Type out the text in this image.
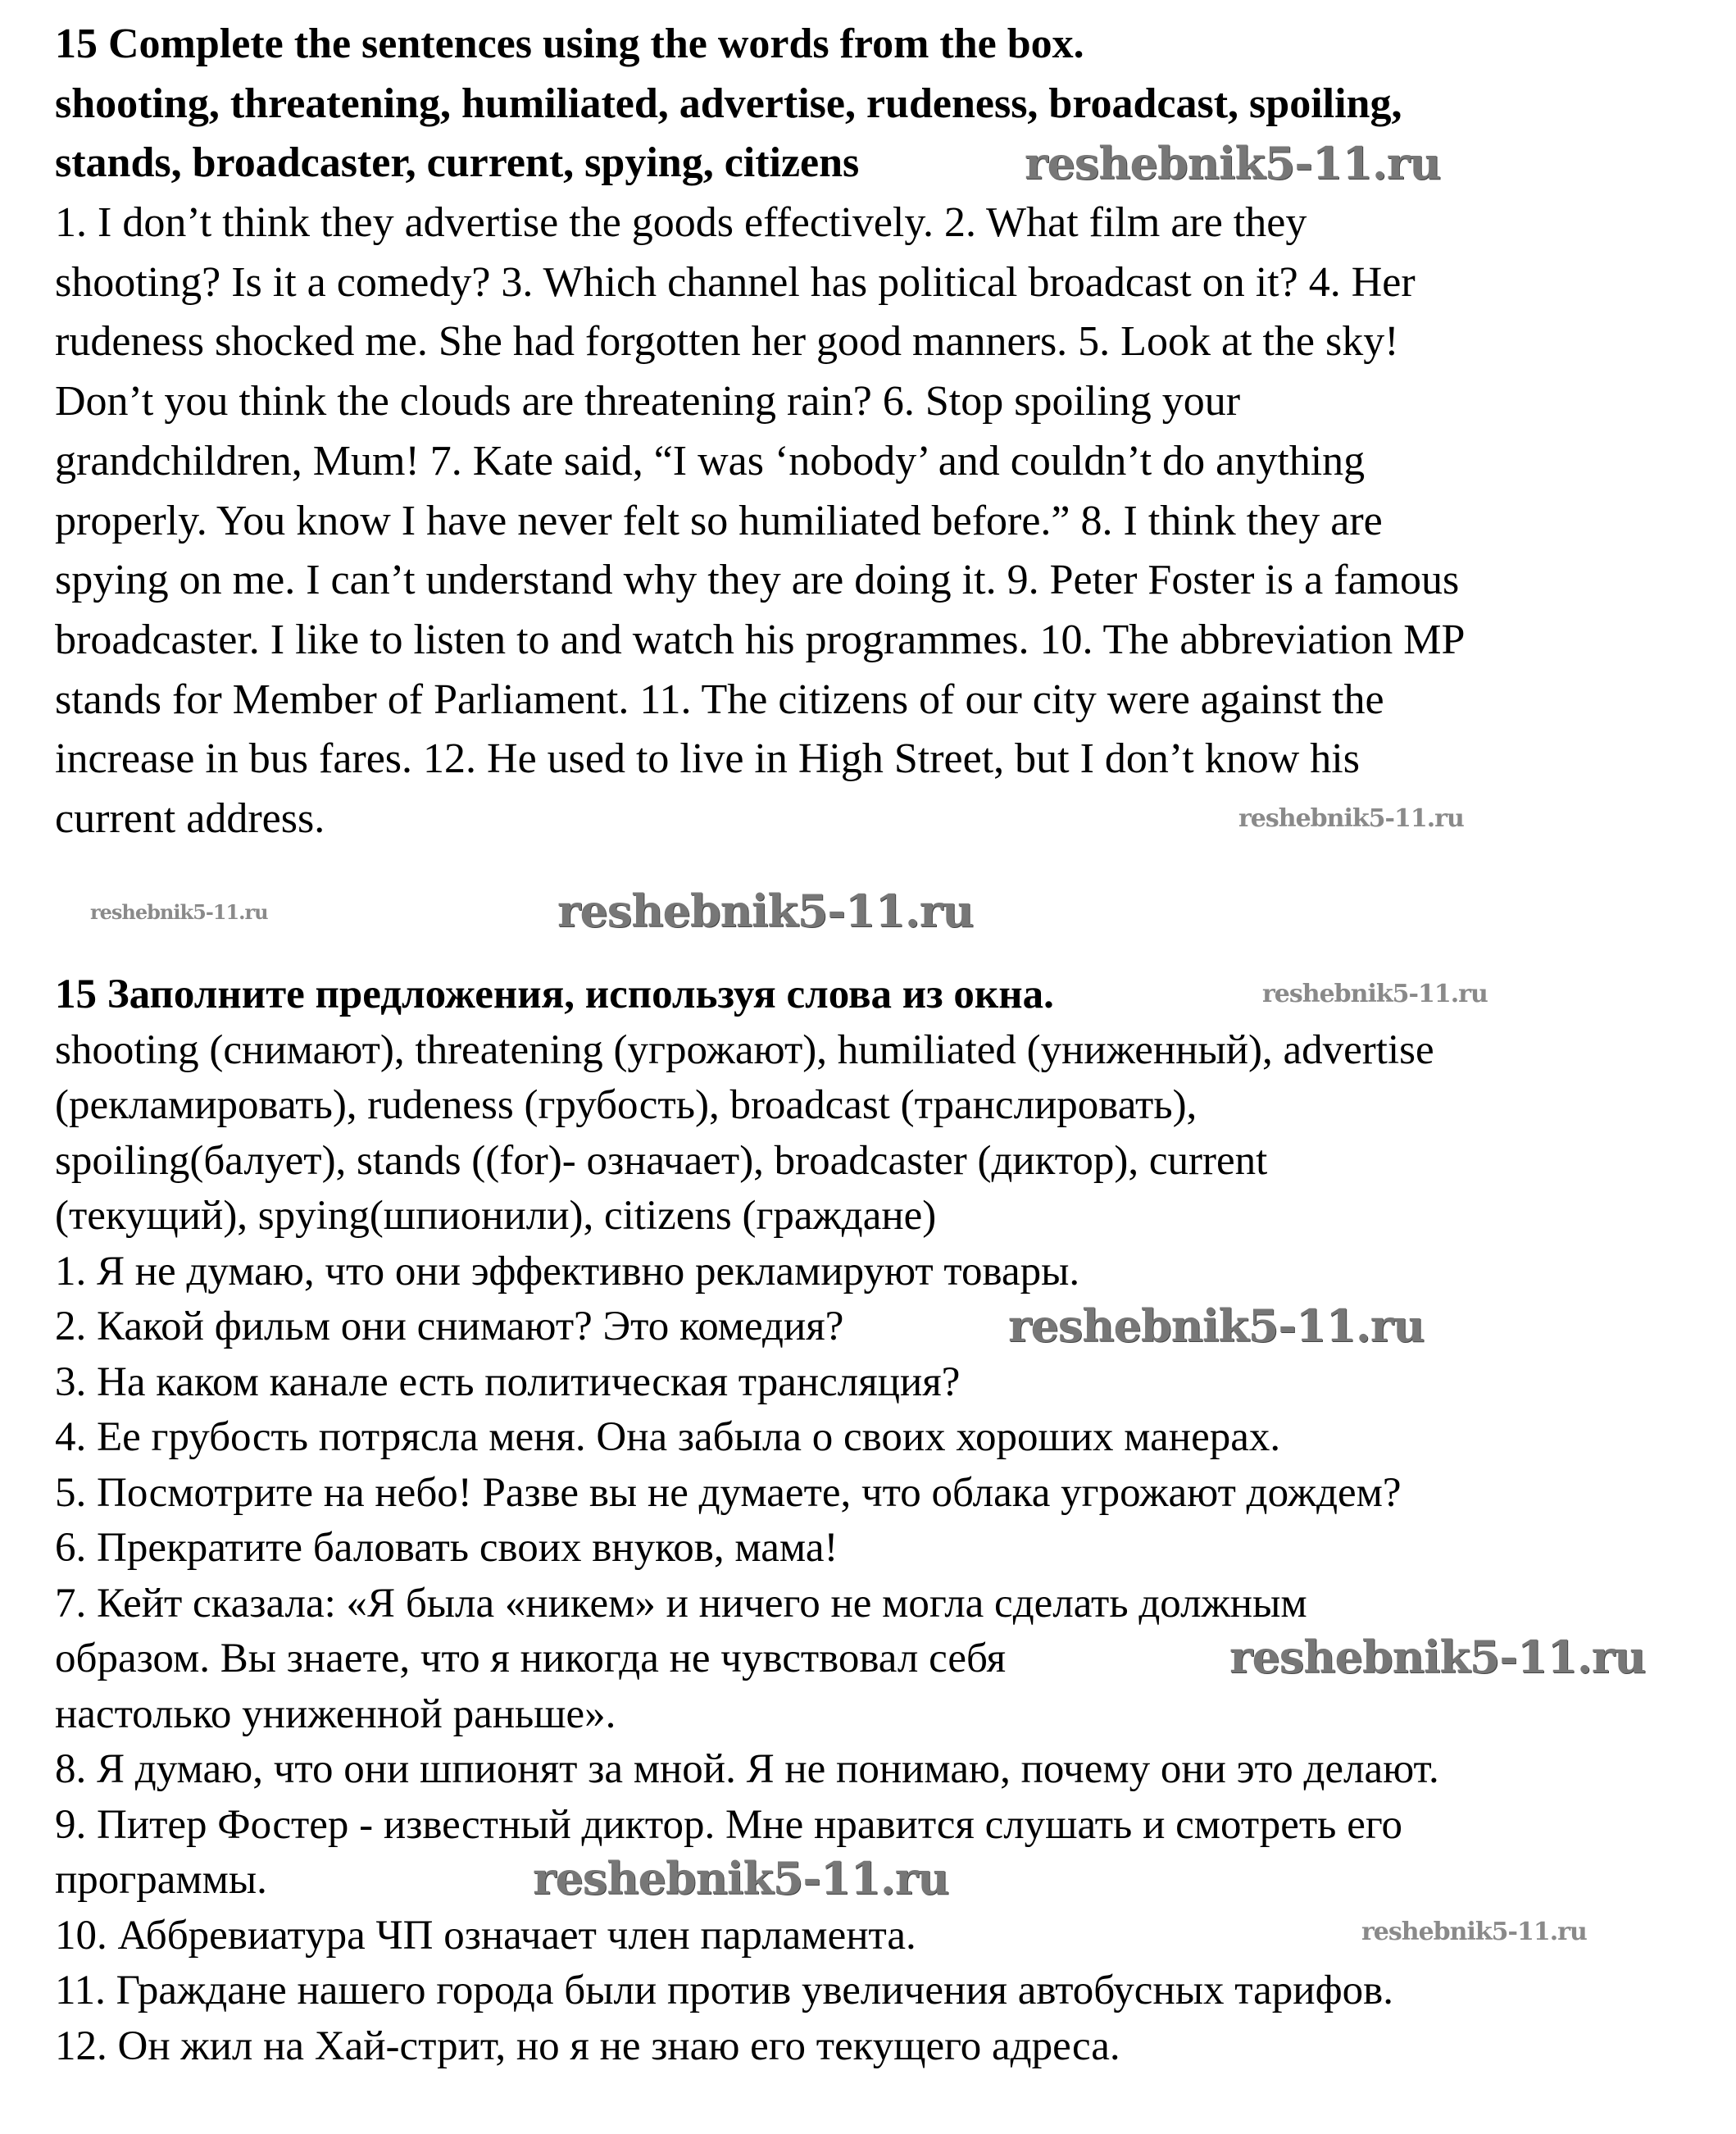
15 Complete the sentences using the words from the box.
shooting, threatening, humiliated, advertise, rudeness, broadcast, spoiling,
stands, broadcaster, current, spying, citizens
1. I don’t think they advertise the goods effectively. 2. What film are they
shooting? Is it a comedy? 3. Which channel has political broadcast on it? 4. Her
rudeness shocked me. She had forgotten her good manners. 5. Look at the sky!
Don’t you think the clouds are threatening rain? 6. Stop spoiling your
grandchildren, Mum! 7. Kate said, “I was ‘nobody’ and couldn’t do anything
properly. You know I have never felt so humiliated before.” 8. I think they are
spying on me. I can’t understand why they are doing it. 9. Peter Foster is a famous
broadcaster. I like to listen to and watch his programmes. 10. The abbreviation MP
stands for Member of Parliament. 11. The citizens of our city were against the
increase in bus fares. 12. He used to live in High Street, but I don’t know his
current address.
15 Заполните предложения, используя слова из окна.
shooting (снимают), threatening (угрожают), humiliated (униженный), advertise
(рекламировать), rudeness (грубость), broadcast (транслировать),
spoiling(балует), stands ((for)- означает), broadcaster (диктор), current
(текущий), spying(шпионили), citizens (граждане)
1. Я не думаю, что они эффективно рекламируют товары.
2. Какой фильм они снимают? Это комедия?
3. На каком канале есть политическая трансляция?
4. Ее грубость потрясла меня. Она забыла о своих хороших манерах.
5. Посмотрите на небо! Разве вы не думаете, что облака угрожают дождем?
6. Прекратите баловать своих внуков, мама!
7. Кейт сказала: «Я была «никем» и ничего не могла сделать должным
образом. Вы знаете, что я никогда не чувствовал себя
настолько униженной раньше».
8. Я думаю, что они шпионят за мной. Я не понимаю, почему они это делают.
9. Питер Фостер - известный диктор. Мне нравится слушать и смотреть его
программы.
10. Аббревиатура ЧП означает член парламента.
11. Граждане нашего города были против увеличения автобусных тарифов.
12. Он жил на Хай-стрит, но я не знаю его текущего адреса.
reshebnik5-11.ru
reshebnik5-11.ru
reshebnik5-11.ru	reshebnik5-11.ru
reshebnik5-11.ru
reshebnik5-11.ru
reshebnik5-11.ru
reshebnik5-11.ru
reshebnik5-11.ru
